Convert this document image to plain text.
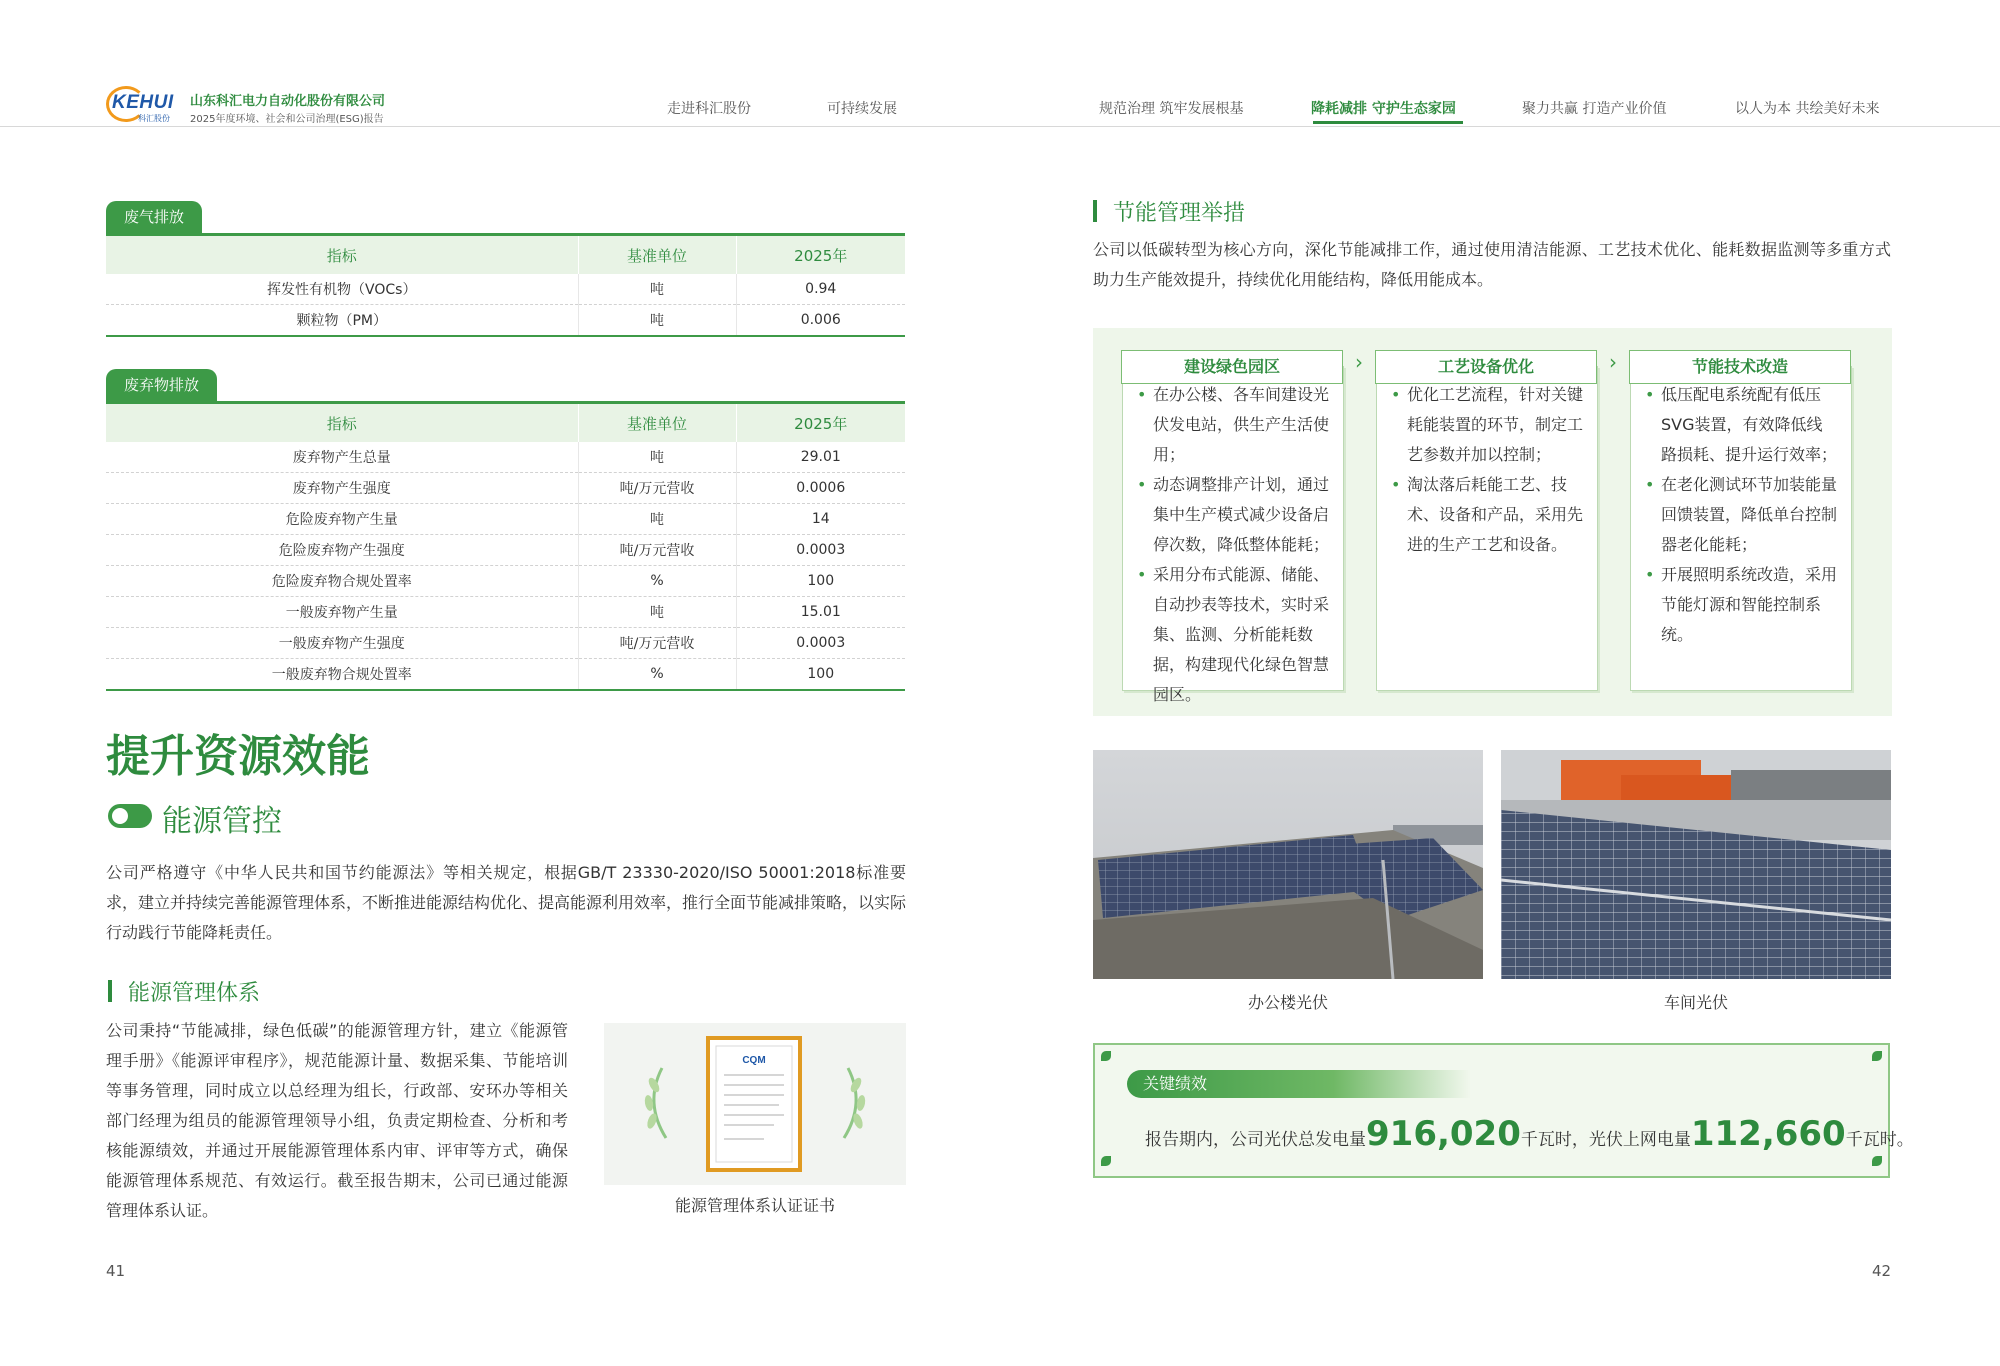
KEHUI
科汇股份
山东科汇电力自动化股份有限公司
2025年度环境、社会和公司治理(ESG)报告
走进科汇股份	可持续发展	规范治理 筑牢发展根基	降耗减排 守护生态家园	聚力共赢 打造产业价值	以人为本 共绘美好未来
废气排放
指标	基准单位	2025年
挥发性有机物（VOCs）	吨	0.94
颗粒物（PM）	吨	0.006
废弃物排放
指标	基准单位	2025年
废弃物产生总量	吨	29.01
废弃物产生强度	吨/万元营收	0.0006
危险废弃物产生量	吨	14
危险废弃物产生强度	吨/万元营收	0.0003
危险废弃物合规处置率	%	100
一般废弃物产生量	吨	15.01
一般废弃物产生强度	吨/万元营收	0.0003
一般废弃物合规处置率	%	100
提升资源效能
能源管控
公司严格遵守《中华人民共和国节约能源法》等相关规定，根据GB/T 23330-2020/ISO 50001:2018标准要求，建立并持续完善能源管理体系，不断推进能源结构优化、提高能源利用效率，推行全面节能减排策略，以实际行动践行节能降耗责任。
能源管理体系
公司秉持“节能减排，绿色低碳”的能源管理方针，建立《能源管理手册》《能源评审程序》，规范能源计量、数据采集、节能培训等事务管理，同时成立以总经理为组长，行政部、安环办等相关部门经理为组员的能源管理领导小组，负责定期检查、分析和考核能源绩效，并通过开展能源管理体系内审、评审等方式，确保能源管理体系规范、有效运行。截至报告期末，公司已通过能源管理体系认证。
CQM
能源管理体系认证证书
41
节能管理举措
公司以低碳转型为核心方向，深化节能减排工作，通过使用清洁能源、工艺技术优化、能耗数据监测等多重方式助力生产能效提升，持续优化用能结构，降低用能成本。
• 在办公楼、各车间建设光伏发电站，供生产生活使用；
• 动态调整排产计划，通过集中生产模式减少设备启停次数，降低整体能耗；
• 采用分布式能源、储能、自动抄表等技术，实时采集、监测、分析能耗数据，构建现代化绿色智慧园区。
建设绿色园区	›
• 优化工艺流程，针对关键耗能装置的环节，制定工艺参数并加以控制；
• 淘汰落后耗能工艺、技术、设备和产品，采用先进的生产工艺和设备。
工艺设备优化	›
• 低压配电系统配有低压SVG装置，有效降低线路损耗、提升运行效率；
• 在老化测试环节加装能量回馈装置，降低单台控制器老化能耗；
• 开展照明系统改造，采用节能灯源和智能控制系统。
节能技术改造
办公楼光伏	车间光伏
关键绩效
报告期内，公司光伏总发电量916,020千瓦时，光伏上网电量112,660千瓦时。
42
